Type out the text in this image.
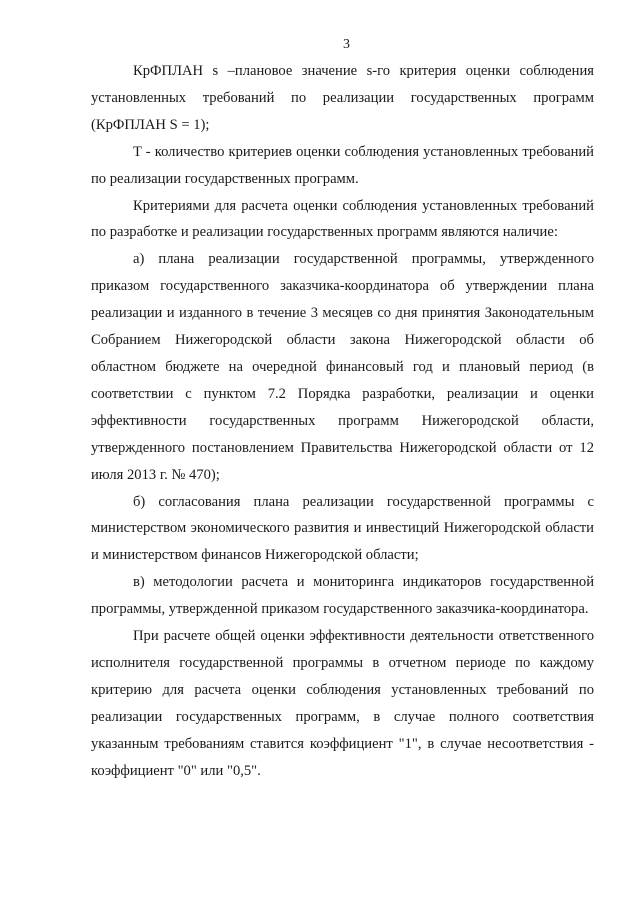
3

КрФПЛАН s –плановое значение s-го критерия оценки соблюдения установленных требований по реализации государственных программ (КрФПЛАН S = 1);

T - количество критериев оценки соблюдения установленных требований по реализации государственных программ.

Критериями для расчета оценки соблюдения установленных требований по разработке и реализации государственных программ являются наличие:

а) плана реализации государственной программы, утвержденного приказом государственного заказчика-координатора об утверждении плана реализации и изданного в течение 3 месяцев со дня принятия Законодательным Собранием Нижегородской области закона Нижегородской области об областном бюджете на очередной финансовый год и плановый период (в соответствии с пунктом 7.2 Порядка разработки, реализации и оценки эффективности государственных программ Нижегородской области, утвержденного постановлением Правительства Нижегородской области от 12 июля 2013 г. № 470);

б) согласования плана реализации государственной программы с министерством экономического развития и инвестиций Нижегородской области и министерством финансов Нижегородской области;

в) методологии расчета и мониторинга индикаторов государственной программы, утвержденной приказом государственного заказчика-координатора.

При расчете общей оценки эффективности деятельности ответственного исполнителя государственной программы в отчетном периоде по каждому критерию для расчета оценки соблюдения установленных требований по реализации государственных программ, в случае полного соответствия указанным требованиям ставится коэффициент "1", в случае несоответствия - коэффициент "0" или "0,5".
